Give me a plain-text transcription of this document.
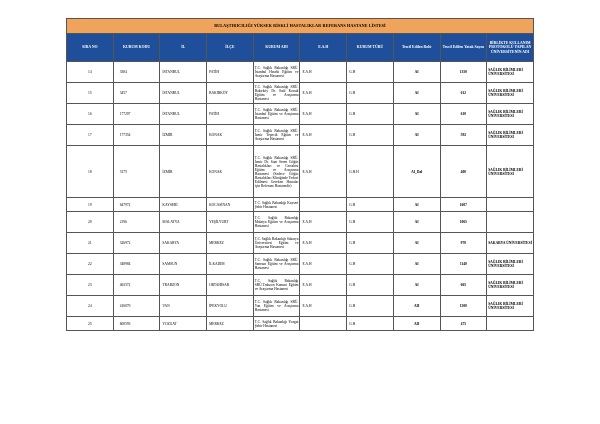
BULAŞTIRICILIĞI YÜKSEK RİSKLİ HASTALIKLAR REFERANS HASTANE LİSTESİ									
SIRA NO	KURUM KODU	İL	İLÇE	KURUM ADI	E.A.H	KURUM TÜRÜ	Tescil Edilen Rolü	Tescil Edilen Yatak Sayısı	BİRLİKTE KULLANIM PROTOKOLÜ YAPILAN ÜNİVERSİTENİN ADI
14	3384	İSTANBUL	FATİH	T.C. Sağlık Bakanlığı SBÜ. İstanbul Haseki Eğitim ve Araştırma Hastanesi	E.A.H	G.H	AI	1350	SAĞLIK BİLİMLERİ ÜNİVERSİTESİ
15	3457	İSTANBUL	BAKIRKÖY	T.C. Sağlık Bakanlığı SBÜ. Bakırköy Dr. Sadi Konuk Eğitim ve Araştırma Hastanesi	E.A.H	G.H	AI	612	SAĞLIK BİLİMLERİ ÜNİVERSİTESİ
16	177297	İSTANBUL	FATİH	T.C. Sağlık Bakanlığı SBÜ. İstanbul Eğitim ve Araştırma Hastanesi	E.A.H	G.H	AI	610	SAĞLIK BİLİMLERİ ÜNİVERSİTESİ
17	177354	İZMİR	KONAK	T.C. Sağlık Bakanlığı SBÜ. İzmir Tepecik Eğitim ve Araştırma Hastanesi	E.A.H	G.H	AI	592	SAĞLIK BİLİMLERİ ÜNİVERSİTESİ
18	3175	İZMİR	KONAK	T.C. Sağlık Bakanlığı SBÜ. İzmir Dr. Suat Seren Göğüs Hastalıkları ve Cerrahisi Eğitim ve Araştırma Hastanesi (Sadece Göğüs Hastalıkları Kliniğinde Tedavi Edilmesi Gereken Hastalar için Referans Hastanedir)	E.A.H	G.H.H	AI_Dal	400	SAĞLIK BİLİMLERİ ÜNİVERSİTESİ
19	647972	KAYSERİ	KOCASİNAN	T.C. Sağlık Bakanlığı Kayseri Şehir Hastanesi		G.H	AI	1607	
20	2196	MALATYA	YEŞİLYURT	T.C. Sağlık Bakanlığı Malatya Eğitim ve Araştırma Hastanesi	E.A.H	G.H	AI	1065	
21	326972	SAKARYA	MERKEZ	T.C. Sağlık Bakanlığı Sakarya Üniversitesi Eğitim ve Araştırma Hastanesi	E.A.H	G.H	AI	970	SAKARYA ÜNİVERSİTESİ
22	348984	SAMSUN	İLKADIM	T.C. Sağlık Bakanlığı SBÜ. Samsun Eğitim ve Araştırma Hastanesi	E.A.H	G.H	AI	1140	SAĞLIK BİLİMLERİ ÜNİVERSİTESİ
23	463372	TRABZON	ORTAHİSAR	T.C. Sağlık Bakanlığı SBÜ.Trabzon Kanuni Eğitim ve Araştırma Hastanesi	E.A.H	G.H	AI	665	SAĞLIK BİLİMLERİ ÜNİVERSİTESİ
24	416070	VAN	İPEKYOLU	T.C. Sağlık Bakanlığı SBÜ. Van Eğitim ve Araştırma Hastanesi	E.A.H	G.H	AII	1500	SAĞLIK BİLİMLERİ ÜNİVERSİTESİ
25	600593	YOZGAT	MERKEZ	T.C. Sağlık Bakanlığı Yozgat Şehir Hastanesi		G.H	AII	475	
